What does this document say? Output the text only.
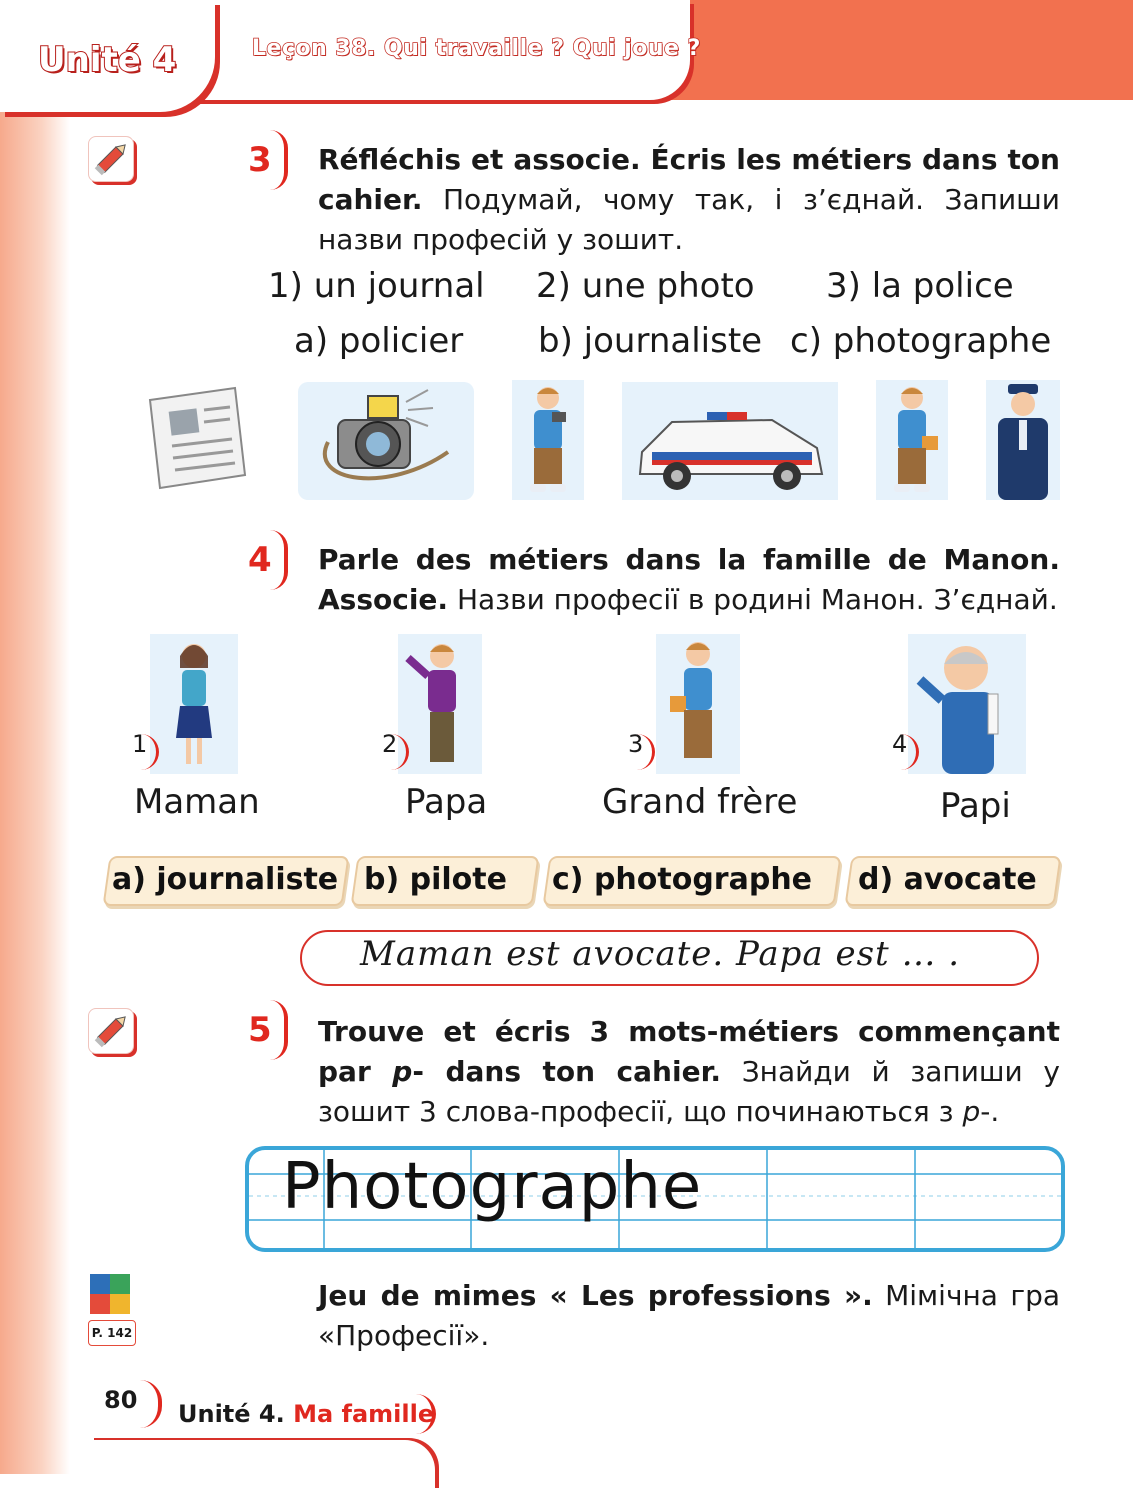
Unité 4	Leçon 38. Qui travaille ? Qui joue ?
3 Réfléchis et associe. Écris les métiers dans ton cahier. Подумай, чому так, і з’єднай. Запиши назви професій у зошит.
1) un journal 2) une photo 3) la police
a) policier b) journaliste c) photographe
4 Parle des métiers dans la famille de Manon. Associe. Назви професії в родині Манон. З’єднай.
1	2	3	4
Maman	Papa	Grand frère	Papi
a) journaliste b) pilote c) photographe d) avocate
Maman est avocate. Papa est … .
5 Trouve et écris 3 mots-métiers commençant par p- dans ton cahier. Знайди й запиши у зошит 3 слова-професії, що починаються з p-.
Photographe
P. 142
Jeu de mimes « Les professions ». Мімічна гра «Професії».
80 Unité 4. Ma famille
